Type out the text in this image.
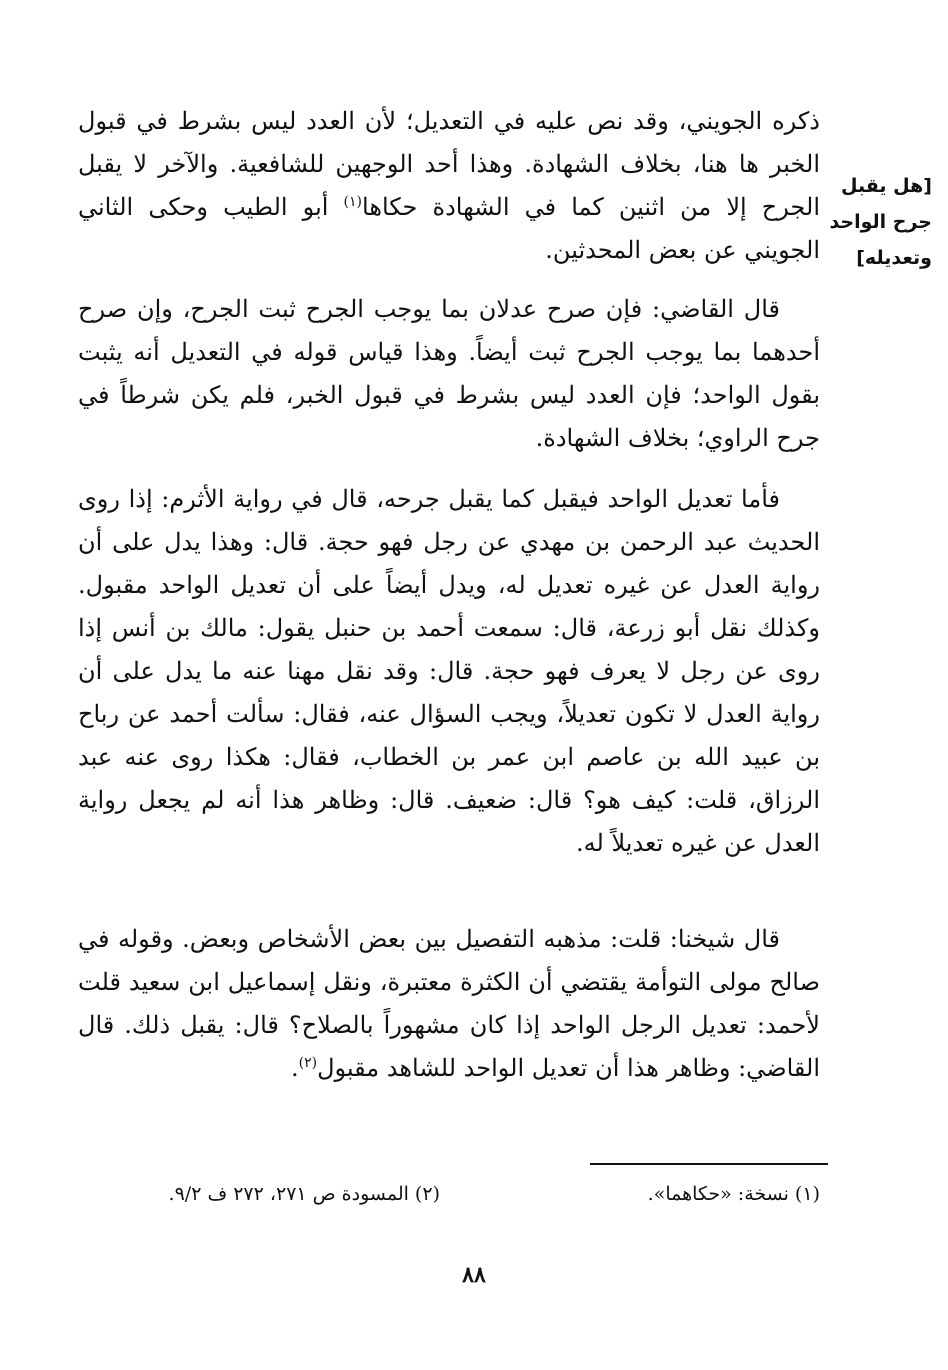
[هل يقبل جرح الواحد وتعديله]

ذكره الجويني، وقد نص عليه في التعديل؛ لأن العدد ليس بشرط في قبول الخبر ها هنا، بخلاف الشهادة. وهذا أحد الوجهين للشافعية. والآخر لا يقبل الجرح إلا من اثنين كما في الشهادة حكاها$^{(١)}$ أبو الطيب وحكى الثاني الجويني عن بعض المحدثين.

قال القاضي: فإن صرح عدلان بما يوجب الجرح ثبت الجرح، وإن صرح أحدهما بما يوجب الجرح ثبت أيضاً. وهذا قياس قوله في التعديل أنه يثبت بقول الواحد؛ فإن العدد ليس بشرط في قبول الخبر، فلم يكن شرطاً في جرح الراوي؛ بخلاف الشهادة.

فأما تعديل الواحد فيقبل كما يقبل جرحه، قال في رواية الأثرم: إذا روى الحديث عبد الرحمن بن مهدي عن رجل فهو حجة. قال: وهذا يدل على أن رواية العدل عن غيره تعديل له، ويدل أيضاً على أن تعديل الواحد مقبول. وكذلك نقل أبو زرعة، قال: سمعت أحمد بن حنبل يقول: مالك بن أنس إذا روى عن رجل لا يعرف فهو حجة. قال: وقد نقل مهنا عنه ما يدل على أن رواية العدل لا تكون تعديلاً، ويجب السؤال عنه، فقال: سألت أحمد عن رباح بن عبيد الله بن عاصم ابن عمر بن الخطاب، فقال: هكذا روى عنه عبد الرزاق، قلت: كيف هو؟ قال: ضعيف. قال: وظاهر هذا أنه لم يجعل رواية العدل عن غيره تعديلاً له.

قال شيخنا: قلت: مذهبه التفصيل بين بعض الأشخاص وبعض. وقوله في صالح مولى التوأمة يقتضي أن الكثرة معتبرة، ونقل إسماعيل ابن سعيد قلت لأحمد: تعديل الرجل الواحد إذا كان مشهوراً بالصلاح؟ قال: يقبل ذلك. قال القاضي: وظاهر هذا أن تعديل الواحد للشاهد مقبول$^{(٢)}$.

(١) نسخة: «حكاهما».
(٢) المسودة ص ٢٧١، ٢٧٢ ف ٩/٢.
٨٨
